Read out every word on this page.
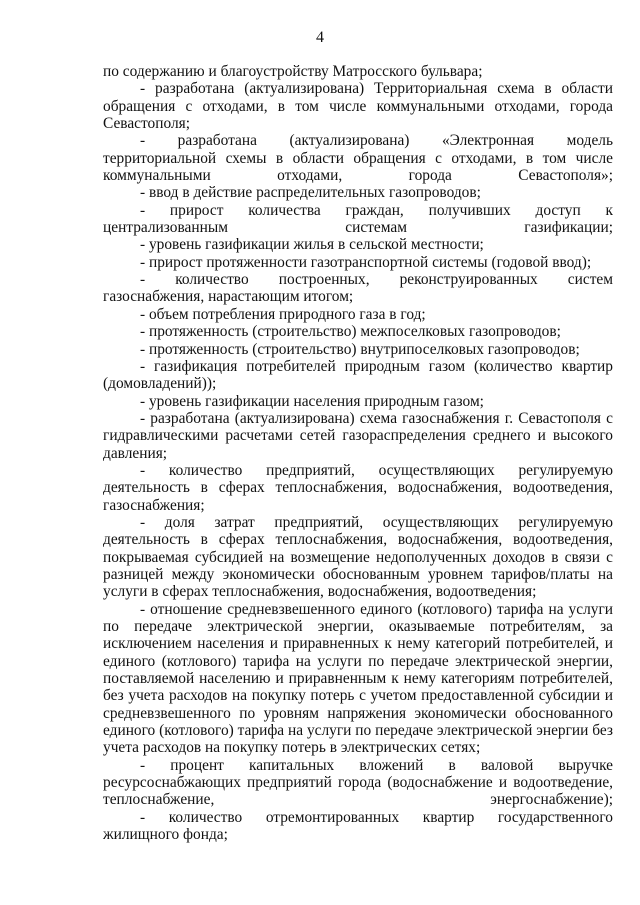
4

по содержанию и благоустройству Матросского бульвара;

- разработана (актуализирована) Территориальная схема в области обращения с отходами, в том числе коммунальными отходами, города Севастополя;

- разработана (актуализирована) «Электронная модель территориальной схемы в области обращения с отходами, в том числе коммунальными отходами, города Севастополя»;

- ввод в действие распределительных газопроводов;

- прирост количества граждан, получивших доступ к централизованным системам газификации;

- уровень газификации жилья в сельской местности;

- прирост протяженности газотранспортной системы (годовой ввод);

- количество построенных, реконструированных систем газоснабжения, нарастающим итогом;

- объем потребления природного газа в год;

- протяженность (строительство) межпоселковых газопроводов;

- протяженность (строительство) внутрипоселковых газопроводов;

- газификация потребителей природным газом (количество квартир (домовладений));

- уровень газификации населения природным газом;

- разработана (актуализирована) схема газоснабжения г. Севастополя с гидравлическими расчетами сетей газораспределения среднего и высокого давления;

- количество предприятий, осуществляющих регулируемую деятельность в сферах теплоснабжения, водоснабжения, водоотведения, газоснабжения;

- доля затрат предприятий, осуществляющих регулируемую деятельность в сферах теплоснабжения, водоснабжения, водоотведения, покрываемая субсидией на возмещение недополученных доходов в связи с разницей между экономически обоснованным уровнем тарифов/платы на услуги в сферах теплоснабжения, водоснабжения, водоотведения;

- отношение средневзвешенного единого (котлового) тарифа на услуги по передаче электрической энергии, оказываемые потребителям, за исключением населения и приравненных к нему категорий потребителей, и единого (котлового) тарифа на услуги по передаче электрической энергии, поставляемой населению и приравненным к нему категориям потребителей, без учета расходов на покупку потерь с учетом предоставленной субсидии и средневзвешенного по уровням напряжения экономически обоснованного единого (котлового) тарифа на услуги по передаче электрической энергии без учета расходов на покупку потерь в электрических сетях;

- процент капитальных вложений в валовой выручке ресурсоснабжающих предприятий города (водоснабжение и водоотведение, теплоснабжение, энергоснабжение);

- количество отремонтированных квартир государственного жилищного фонда;
